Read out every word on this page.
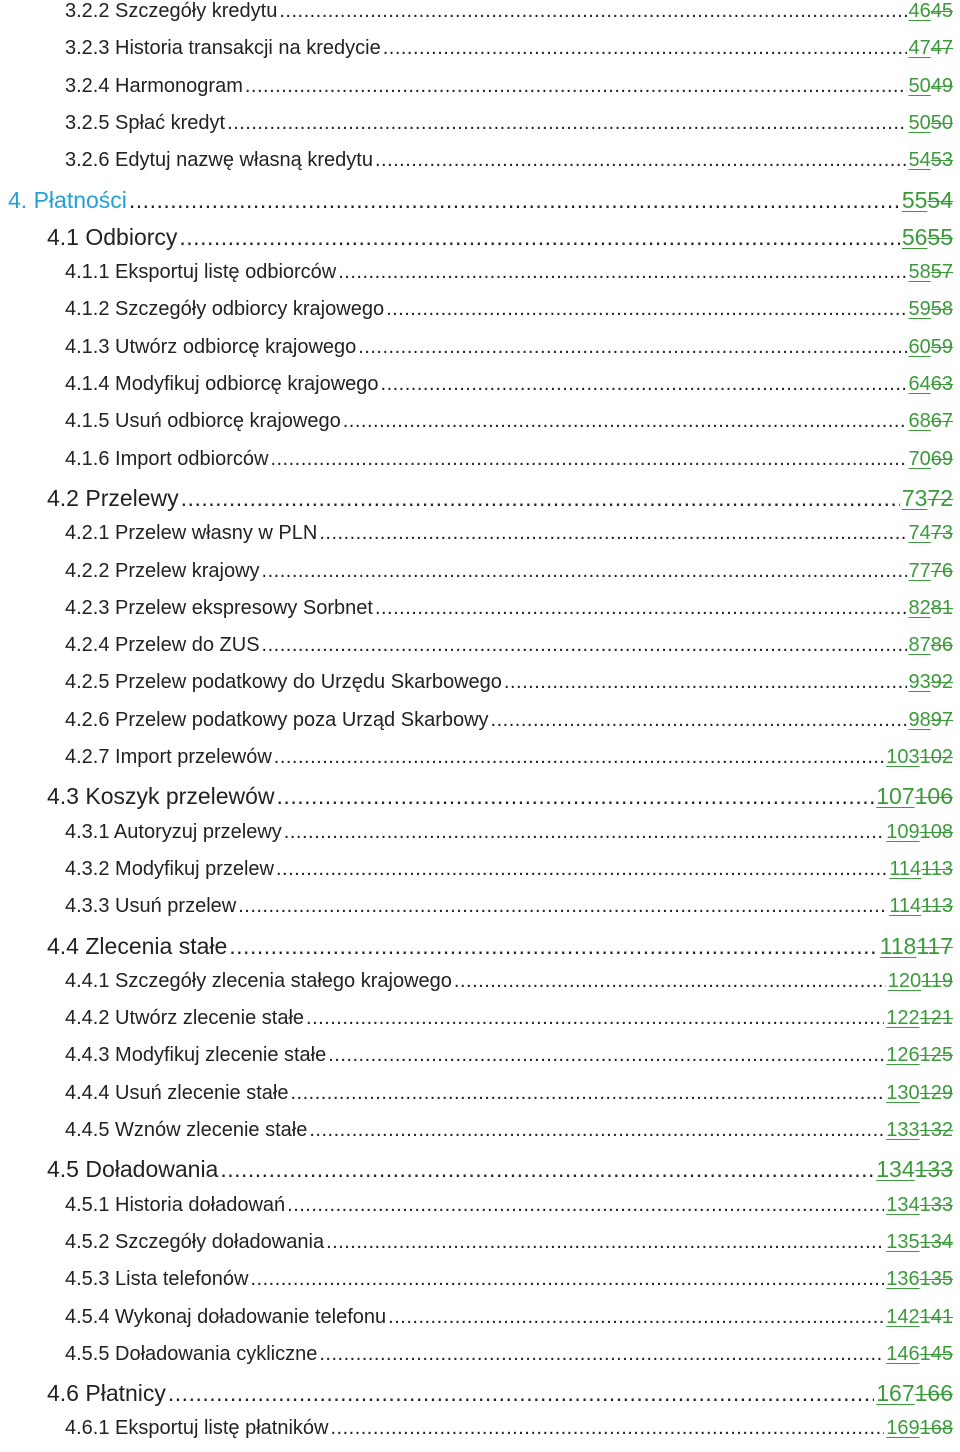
3.2.2 Szczegóły kredytu .....	4645
3.2.3 Historia transakcji na kredycie .....	4747
3.2.4 Harmonogram .....	5049
3.2.5 Spłać kredyt .....	5050
3.2.6 Edytuj nazwę własną kredytu .....	5453
4. Płatności .....	5554
4.1 Odbiorcy .....	5655
4.1.1 Eksportuj listę odbiorców .....	5857
4.1.2 Szczegóły odbiorcy krajowego .....	5958
4.1.3 Utwórz odbiorcę krajowego .....	6059
4.1.4 Modyfikuj odbiorcę krajowego .....	6463
4.1.5 Usuń odbiorcę krajowego .....	6867
4.1.6 Import odbiorców .....	7069
4.2 Przelewy .....	7372
4.2.1 Przelew własny w PLN .....	7473
4.2.2 Przelew krajowy .....	7776
4.2.3 Przelew ekspresowy Sorbnet .....	8281
4.2.4 Przelew do ZUS .....	8786
4.2.5 Przelew podatkowy do Urzędu Skarbowego .....	9392
4.2.6 Przelew podatkowy poza Urząd Skarbowy .....	9897
4.2.7 Import przelewów .....	103102
4.3 Koszyk przelewów .....	107106
4.3.1 Autoryzuj przelewy .....	109108
4.3.2 Modyfikuj przelew .....	114113
4.3.3 Usuń przelew .....	114113
4.4 Zlecenia stałe .....	118117
4.4.1 Szczegóły zlecenia stałego krajowego .....	120119
4.4.2 Utwórz zlecenie stałe .....	122121
4.4.3 Modyfikuj zlecenie stałe .....	126125
4.4.4 Usuń zlecenie stałe .....	130129
4.4.5 Wznów zlecenie stałe .....	133132
4.5 Doładowania .....	134133
4.5.1 Historia doładowań .....	134133
4.5.2 Szczegóły doładowania .....	135134
4.5.3 Lista telefonów .....	136135
4.5.4 Wykonaj doładowanie telefonu .....	142141
4.5.5 Doładowania cykliczne .....	146145
4.6 Płatnicy .....	167166
4.6.1 Eksportuj listę płatników .....	169168
